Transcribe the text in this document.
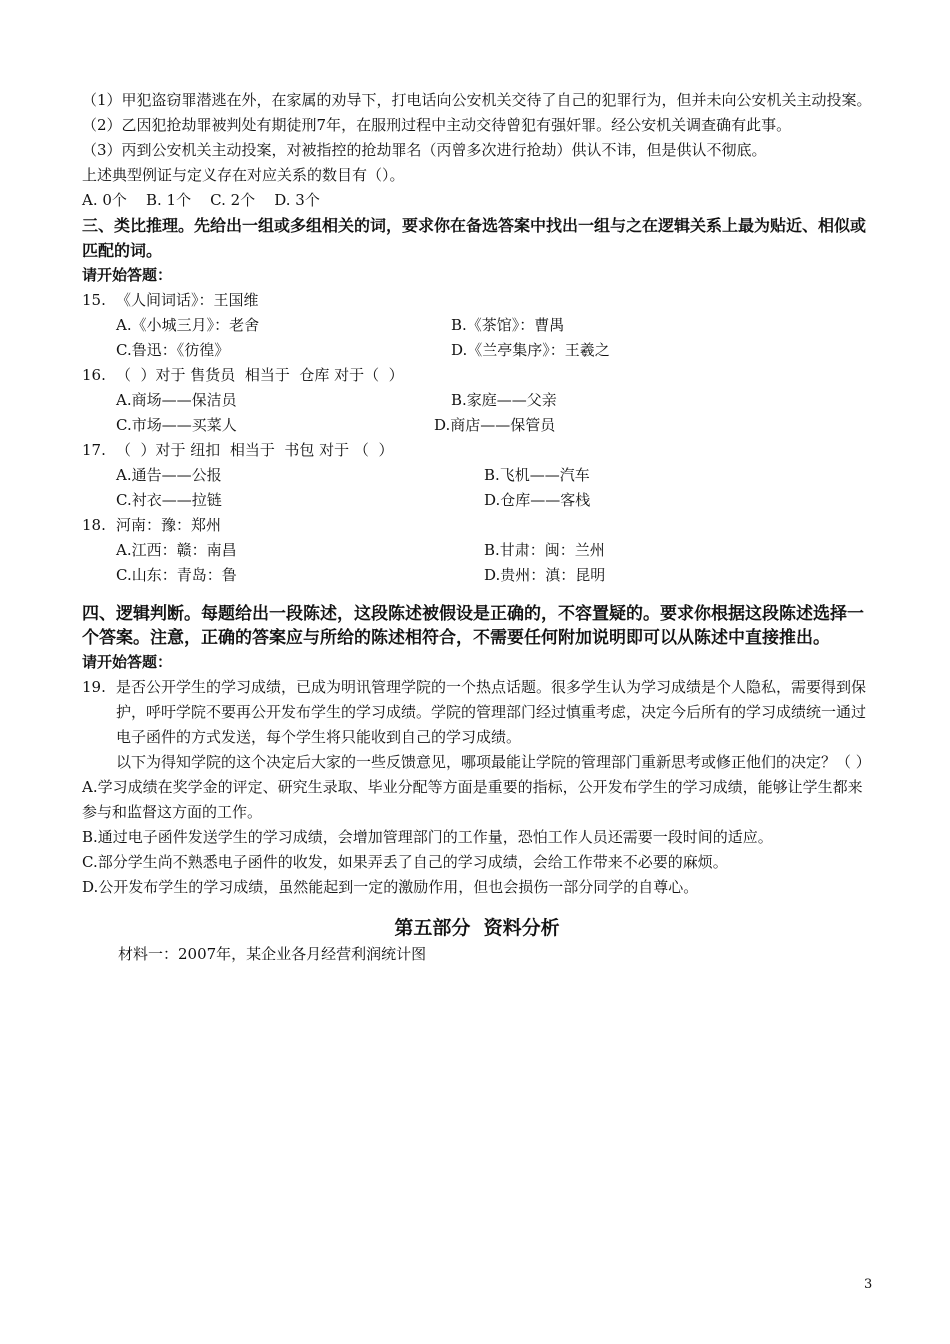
（1）甲犯盗窃罪潜逃在外，在家属的劝导下，打电话向公安机关交待了自己的犯罪行为，但并未向公安机关主动投案。
（2）乙因犯抢劫罪被判处有期徒刑7年，在服刑过程中主动交待曾犯有强奸罪。经公安机关调查确有此事。
（3）丙到公安机关主动投案，对被指控的抢劫罪名（丙曾多次进行抢劫）供认不讳，但是供认不彻底。
上述典型例证与定义存在对应关系的数目有（）。
A. 0个    B. 1个    C. 2个    D. 3个
三、类比推理。先给出一组或多组相关的词，要求你在备选答案中找出一组与之在逻辑关系上最为贴近、相似或匹配的词。
请开始答题：
15. 《人间词话》：王国维
A.《小城三月》：老舍	B.《茶馆》：曹禺
C.鲁迅：《彷徨》	D.《兰亭集序》：王羲之
16. （  ）对于 售货员  相当于  仓库 对于（  ）
A.商场——保洁员	B.家庭——父亲
C.市场——买菜人	D.商店——保管员
17. （  ）对于 纽扣  相当于  书包 对于 （  ）
A.通告——公报	B.飞机——汽车
C.衬衣——拉链	D.仓库——客栈
18. 河南：豫：郑州
A.江西：赣：南昌	B.甘肃：闽：兰州
C.山东：青岛：鲁	D.贵州：滇：昆明
四、逻辑判断。每题给出一段陈述，这段陈述被假设是正确的，不容置疑的。要求你根据这段陈述选择一个答案。注意，正确的答案应与所给的陈述相符合，不需要任何附加说明即可以从陈述中直接推出。
请开始答题：
19. 是否公开学生的学习成绩，已成为明讯管理学院的一个热点话题。很多学生认为学习成绩是个人隐私，需要得到保护，呼吁学院不要再公开发布学生的学习成绩。学院的管理部门经过慎重考虑，决定今后所有的学习成绩统一通过电子函件的方式发送，每个学生将只能收到自己的学习成绩。
以下为得知学院的这个决定后大家的一些反馈意见，哪项最能让学院的管理部门重新思考或修正他们的决定？（ ）
A.学习成绩在奖学金的评定、研究生录取、毕业分配等方面是重要的指标，公开发布学生的学习成绩，能够让学生都来参与和监督这方面的工作。
B.通过电子函件发送学生的学习成绩，会增加管理部门的工作量，恐怕工作人员还需要一段时间的适应。
C.部分学生尚不熟悉电子函件的收发，如果弄丢了自己的学习成绩，会给工作带来不必要的麻烦。
D.公开发布学生的学习成绩，虽然能起到一定的激励作用，但也会损伤一部分同学的自尊心。
第五部分  资料分析
材料一：2007年，某企业各月经营利润统计图
3
